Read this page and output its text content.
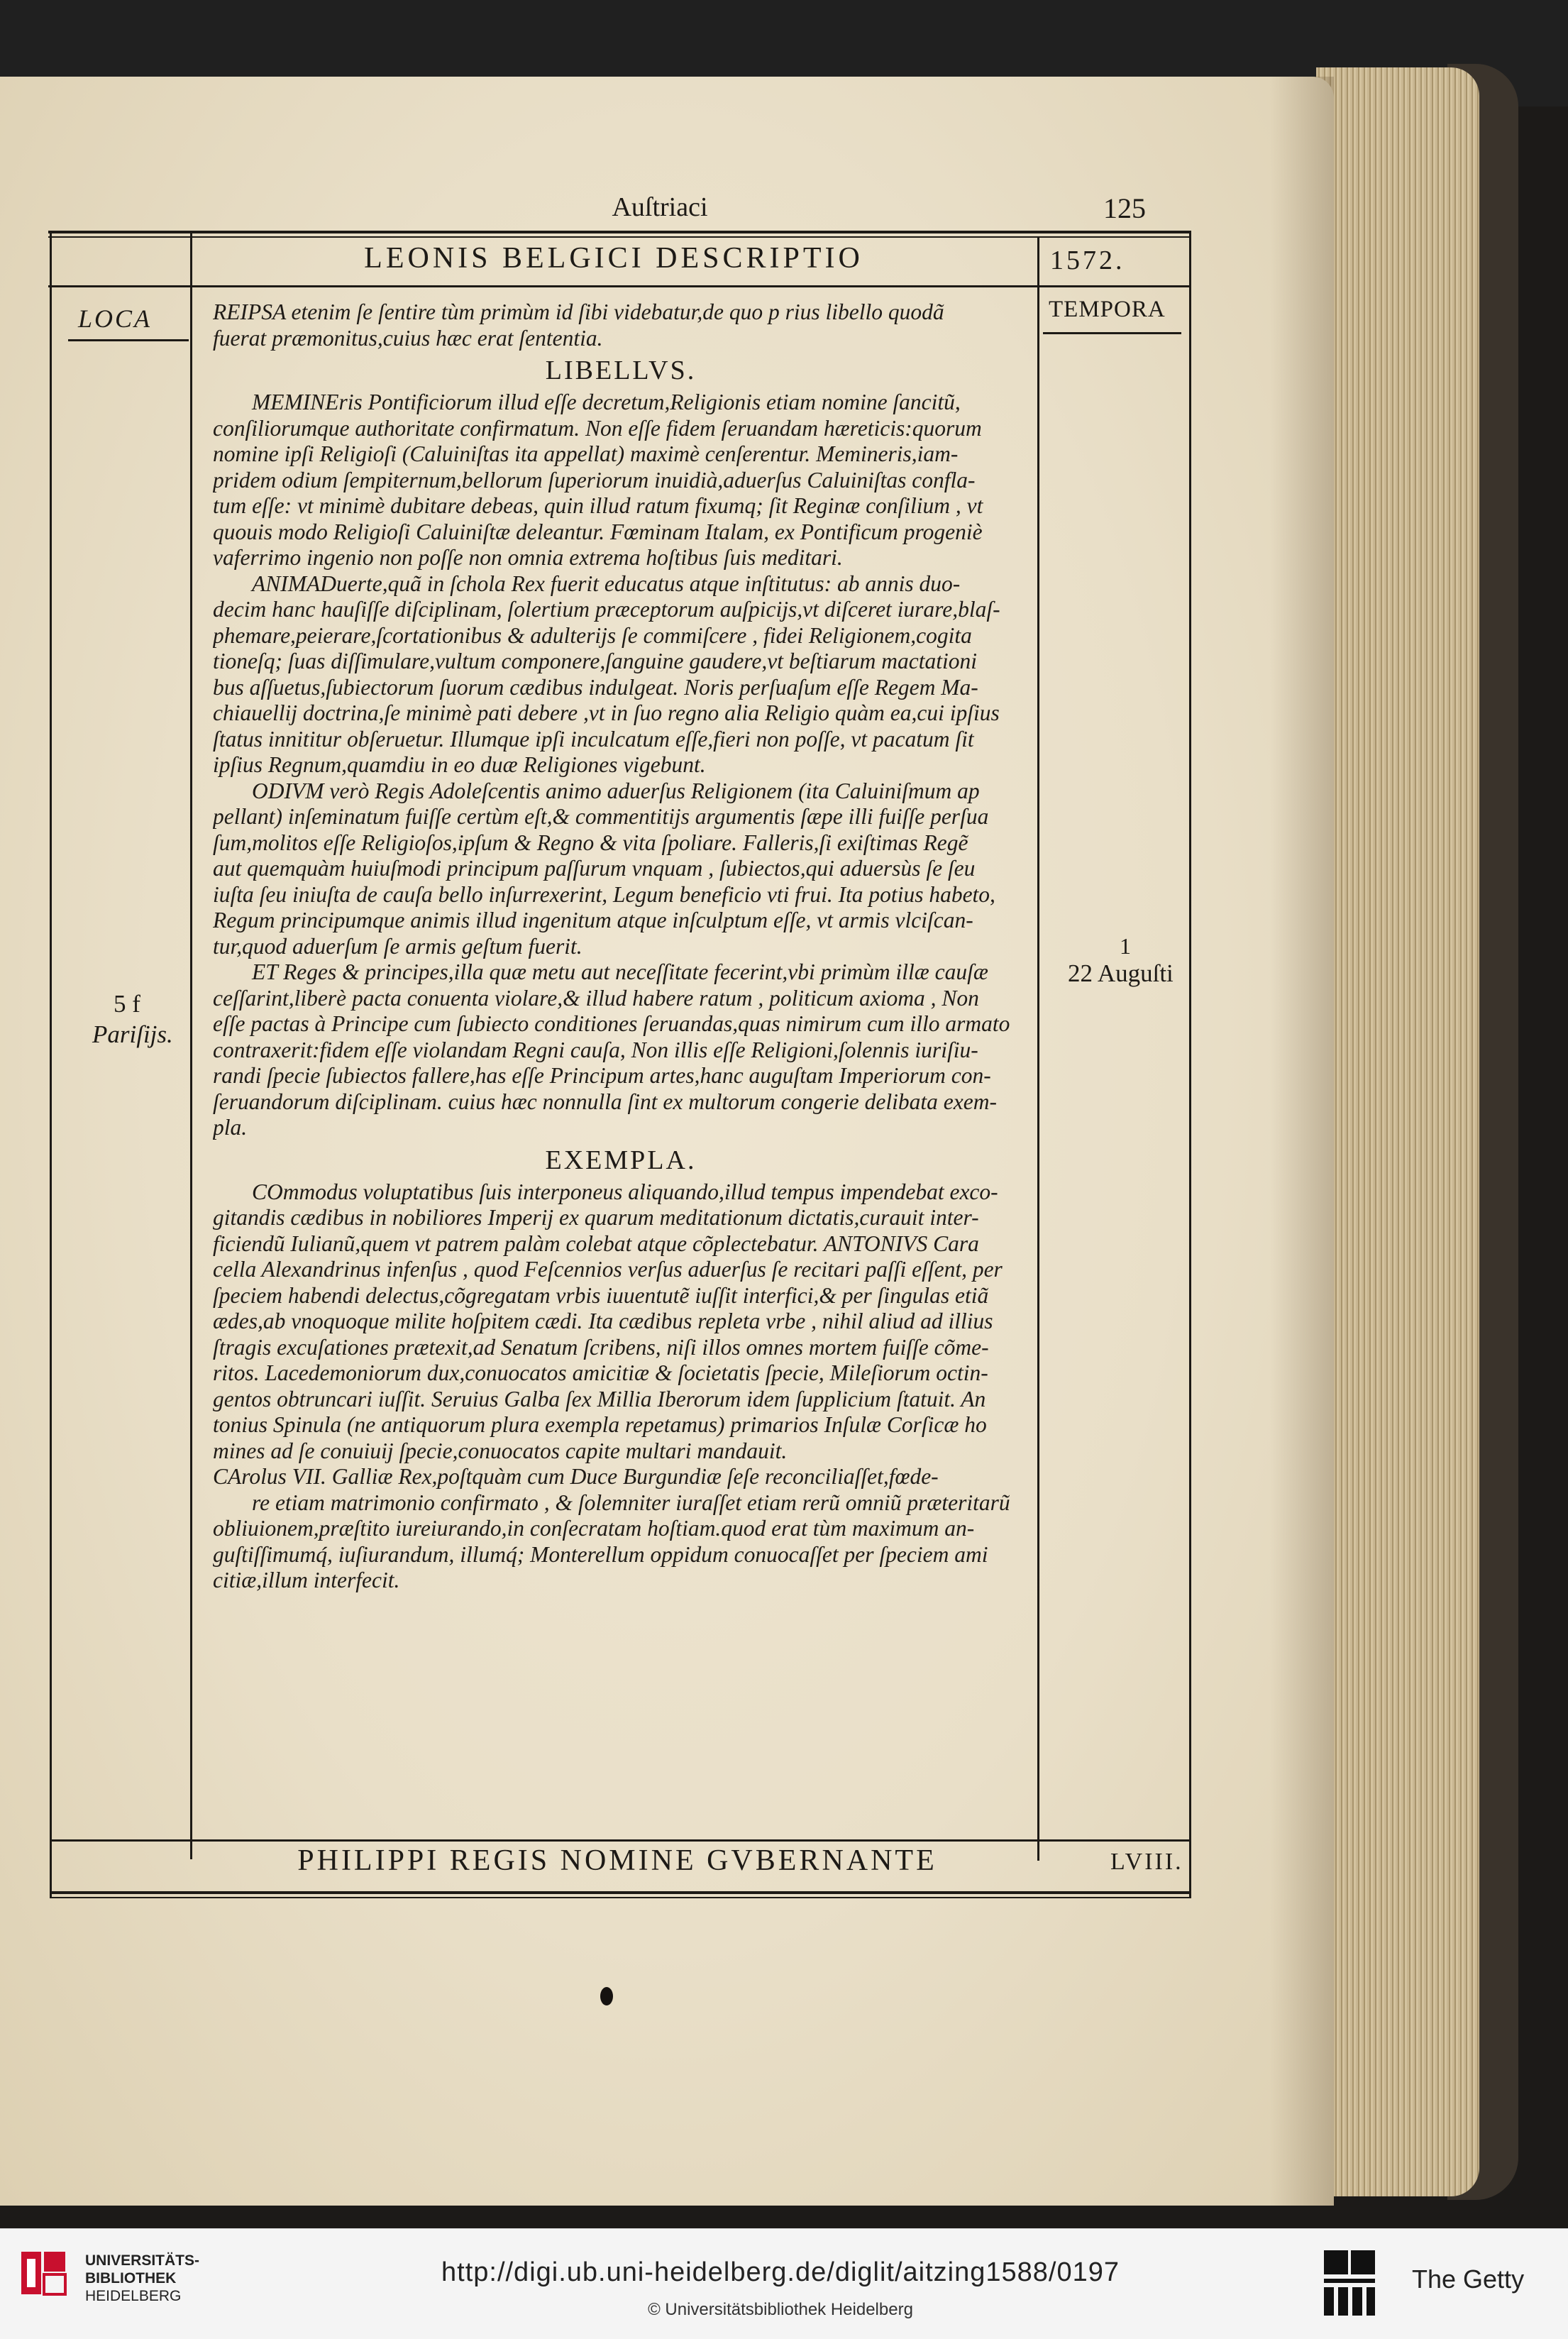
Auſtriaci	125
LEONIS BELGICI DESCRIPTIO	1572.
LOCA	TEMPORA
REIPSA etenim ſe ſentire tùm primùm id ſibi videbatur,de quo p rius libello quodã
fuerat præmonitus,cuius hæc erat ſententia.
LIBELLVS.
MEMINEris Pontificiorum illud eſſe decretum,Religionis etiam nomine ſancitũ,
conſiliorumque authoritate confirmatum. Non eſſe fidem ſeruandam hæreticis:quorum
nomine ipſi Religioſi (Caluiniſtas ita appellat) maximè cenſerentur. Memineris,iam-
pridem odium ſempiternum,bellorum ſuperiorum inuidià,aduerſus Caluiniſtas confla-
tum eſſe: vt minimè dubitare debeas, quin illud ratum fixumq; ſit Reginæ conſilium , vt
quouis modo Religioſi Caluiniſtæ deleantur. Fœminam Italam, ex Pontificum progeniè
vaferrimo ingenio non poſſe non omnia extrema hoſtibus ſuis meditari.
ANIMADuerte,quã in ſchola Rex fuerit educatus atque inſtitutus: ab annis duo-
decim hanc hauſiſſe diſciplinam, ſolertium præceptorum auſpicijs,vt diſceret iurare,blaſ-
phemare,peierare,ſcortationibus & adulterijs ſe commiſcere , fidei Religionem,cogita
tioneſq; ſuas diſſimulare,vultum componere,ſanguine gaudere,vt beſtiarum mactationi
bus aſſuetus,ſubiectorum ſuorum cædibus indulgeat. Noris perſuaſum eſſe Regem Ma-
chiauellij doctrina,ſe minimè pati debere ,vt in ſuo regno alia Religio quàm ea,cui ipſius
ſtatus innititur obſeruetur. Illumque ipſi inculcatum eſſe,fieri non poſſe, vt pacatum ſit
ipſius Regnum,quamdiu in eo duæ Religiones vigebunt.
ODIVM verò Regis Adoleſcentis animo aduerſus Religionem (ita Caluiniſmum ap
pellant) inſeminatum fuiſſe certùm eſt,& commentitijs argumentis ſæpe illi fuiſſe perſua
ſum,molitos eſſe Religioſos,ipſum & Regno & vita ſpoliare. Falleris,ſi exiſtimas Regẽ
aut quemquàm huiuſmodi principum paſſurum vnquam , ſubiectos,qui aduersùs ſe ſeu
iuſta ſeu iniuſta de cauſa bello inſurrexerint, Legum beneficio vti frui. Ita potius habeto,
Regum principumque animis illud ingenitum atque inſculptum eſſe, vt armis vlciſcan-
tur,quod aduerſum ſe armis geſtum fuerit.
ET Reges & principes,illa quæ metu aut neceſſitate fecerint,vbi primùm illæ cauſæ
ceſſarint,liberè pacta conuenta violare,& illud habere ratum , politicum axioma , Non
eſſe pactas à Principe cum ſubiecto conditiones ſeruandas,quas nimirum cum illo armato
contraxerit:fidem eſſe violandam Regni cauſa, Non illis eſſe Religioni,ſolennis iuriſiu-
randi ſpecie ſubiectos fallere,has eſſe Principum artes,hanc auguſtam Imperiorum con-
ſeruandorum diſciplinam. cuius hæc nonnulla ſint ex multorum congerie delibata exem-
pla.
EXEMPLA.
COmmodus voluptatibus ſuis interponeus aliquando,illud tempus impendebat exco-
gitandis cædibus in nobiliores Imperij ex quarum meditationum dictatis,curauit inter-
ficiendũ Iulianũ,quem vt patrem palàm colebat atque cõplectebatur. ANTONIVS Cara
cella Alexandrinus infenſus , quod Feſcennios verſus aduerſus ſe recitari paſſi eſſent, per
ſpeciem habendi delectus,cõgregatam vrbis iuuentutẽ iuſſit interfici,& per ſingulas etiã
ædes,ab vnoquoque milite hoſpitem cædi. Ita cædibus repleta vrbe , nihil aliud ad illius
ſtragis excuſationes prætexit,ad Senatum ſcribens, niſi illos omnes mortem fuiſſe cõme-
ritos. Lacedemoniorum dux,conuocatos amicitiæ & ſocietatis ſpecie, Mileſiorum octin-
gentos obtruncari iuſſit. Seruius Galba ſex Millia Iberorum idem ſupplicium ſtatuit. An
tonius Spinula (ne antiquorum plura exempla repetamus) primarios Inſulæ Corſicæ ho
mines ad ſe conuiuij ſpecie,conuocatos capite multari mandauit.
CArolus VII. Galliæ Rex,poſtquàm cum Duce Burgundiæ ſeſe reconciliaſſet,fœde-
re etiam matrimonio confirmato , & ſolemniter iuraſſet etiam rerũ omniũ præteritarũ
obliuionem,præſtito iureiurando,in conſecratam hoſtiam.quod erat tùm maximum an-
guſtiſſimumq́, iuſiurandum, illumq́; Monterellum oppidum conuocaſſet per ſpeciem ami
citiæ,illum interfecit.
5 f
Pariſijs.
1
22 Auguſti
PHILIPPI REGIS NOMINE GVBERNANTE	LVIII.
UNIVERSITÄTS-
BIBLIOTHEK
HEIDELBERG
http://digi.ub.uni-heidelberg.de/diglit/aitzing1588/0197
© Universitätsbibliothek Heidelberg
The Getty
